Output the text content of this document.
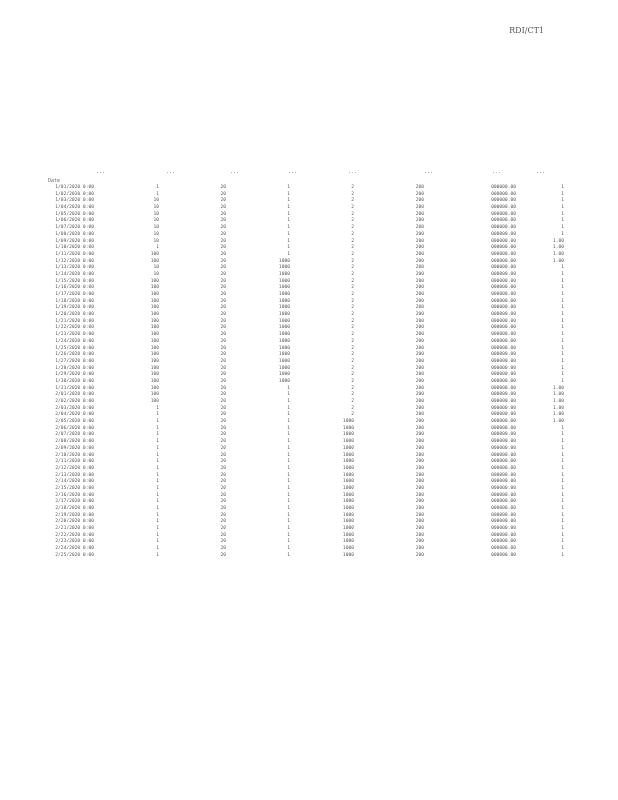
RDI/CT1
...	...	...	...	...	...	...	...
Date
1/01/2020 0:00	1	20	1	2	200	000000.00	1
1/02/2020 0:00	1	20	1	2	200	000000.00	1
1/03/2020 0:00	10	20	1	2	200	000000.00	1
1/04/2020 0:00	10	20	1	2	200	000000.00	1
1/05/2020 0:00	10	20	1	2	200	000000.00	1
1/06/2020 0:00	10	20	1	2	200	000000.00	1
1/07/2020 0:00	10	20	1	2	200	000000.00	1
1/08/2020 0:00	10	20	1	2	200	000000.00	1
1/09/2020 0:00	10	20	1	2	200	000000.00	1.00
1/10/2020 0:00	1	20	1	2	200	000000.00	1.00
1/11/2020 0:00	100	20	1	2	200	000000.00	1.00
1/12/2020 0:00	100	20	1000	2	200	000000.00	1.00
1/13/2020 0:00	10	20	1000	2	200	000000.00	1
1/14/2020 0:00	10	20	1000	2	200	000000.00	1
1/15/2020 0:00	100	20	1000	2	200	000000.00	1
1/16/2020 0:00	100	20	1000	2	200	000000.00	1
1/17/2020 0:00	100	20	1000	2	200	000000.00	1
1/18/2020 0:00	100	20	1000	2	200	000000.00	1
1/19/2020 0:00	100	20	1000	2	200	000000.00	1
1/20/2020 0:00	100	20	1000	2	200	000000.00	1
1/21/2020 0:00	100	20	1000	2	200	000000.00	1
1/22/2020 0:00	100	20	1000	2	200	000000.00	1
1/23/2020 0:00	100	20	1000	2	200	000000.00	1
1/24/2020 0:00	100	20	1000	2	200	000000.00	1
1/25/2020 0:00	100	20	1000	2	200	000000.00	1
1/26/2020 0:00	100	20	1000	2	200	000000.00	1
1/27/2020 0:00	100	20	1000	2	200	000000.00	1
1/28/2020 0:00	100	20	1000	2	200	000000.00	1
1/29/2020 0:00	100	20	1000	2	200	000000.00	1
1/30/2020 0:00	100	20	1000	2	200	000000.00	1
1/31/2020 0:00	100	20	1	2	200	000000.00	1.00
2/01/2020 0:00	100	20	1	2	200	000000.00	1.00
2/02/2020 0:00	100	20	1	2	200	000000.00	1.00
2/03/2020 0:00	1	20	1	2	200	000000.00	1.00
2/04/2020 0:00	1	20	1	2	200	000000.00	1.00
2/05/2020 0:00	1	20	1	1000	200	000000.00	1.00
2/06/2020 0:00	1	20	1	1000	200	000000.00	1
2/07/2020 0:00	1	20	1	1000	200	000000.00	1
2/08/2020 0:00	1	20	1	1000	200	000000.00	1
2/09/2020 0:00	1	20	1	1000	200	000000.00	1
2/10/2020 0:00	1	20	1	1000	200	000000.00	1
2/11/2020 0:00	1	20	1	1000	200	000000.00	1
2/12/2020 0:00	1	20	1	1000	200	000000.00	1
2/13/2020 0:00	1	20	1	1000	200	000000.00	1
2/14/2020 0:00	1	20	1	1000	200	000000.00	1
2/15/2020 0:00	1	20	1	1000	200	000000.00	1
2/16/2020 0:00	1	20	1	1000	200	000000.00	1
2/17/2020 0:00	1	20	1	1000	200	000000.00	1
2/18/2020 0:00	1	20	1	1000	200	000000.00	1
2/19/2020 0:00	1	20	1	1000	200	000000.00	1
2/20/2020 0:00	1	20	1	1000	200	000000.00	1
2/21/2020 0:00	1	20	1	1000	200	000000.00	1
2/22/2020 0:00	1	20	1	1000	200	000000.00	1
2/23/2020 0:00	1	20	1	1000	200	000000.00	1
2/24/2020 0:00	1	20	1	1000	200	000000.00	1
2/25/2020 0:00	1	20	1	1000	200	000000.00	1
